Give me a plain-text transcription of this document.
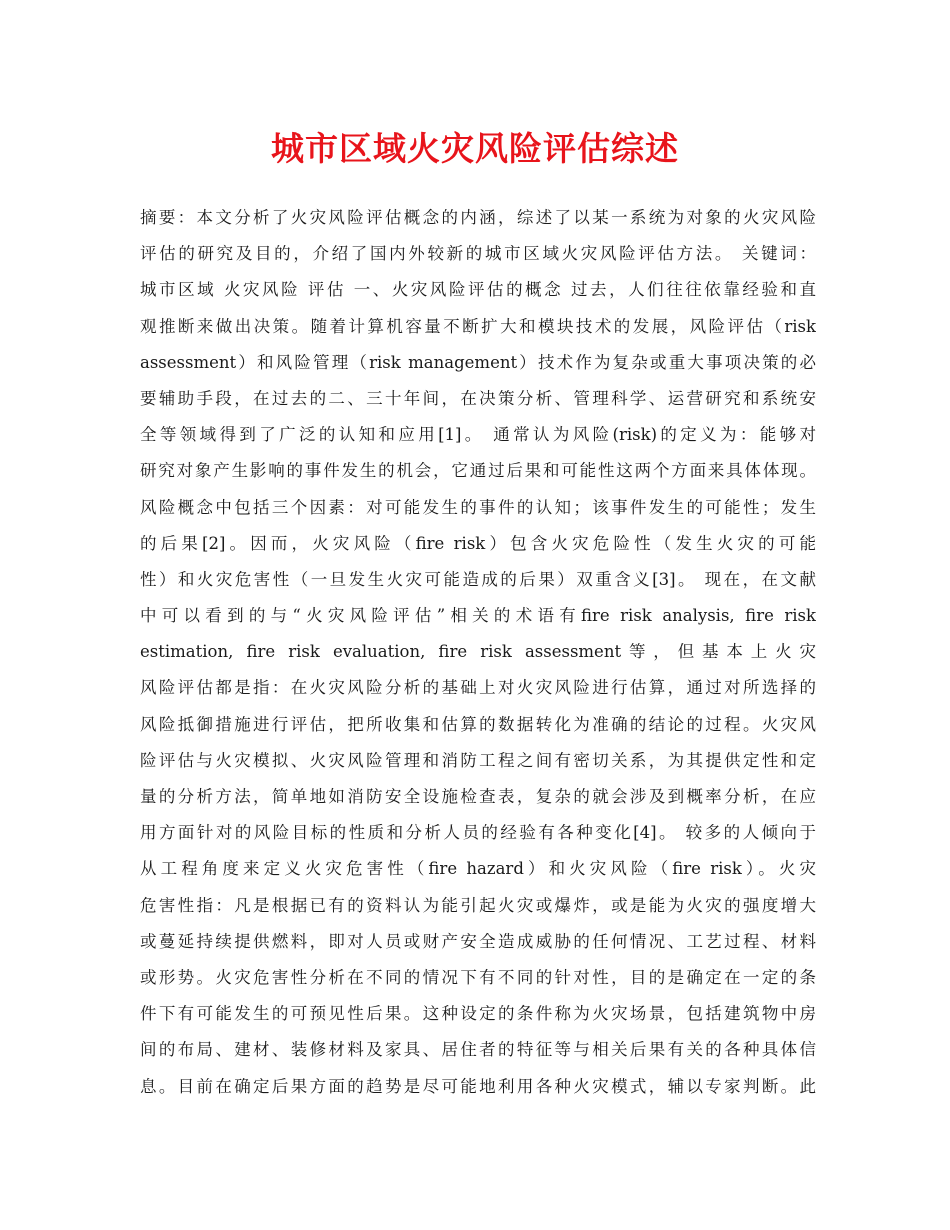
城市区域火灾风险评估综述
摘要：本文分析了火灾风险评估概念的内涵，综述了以某一系统为对象的火灾风险
评估的研究及目的，介绍了国内外较新的城市区域火灾风险评估方法。 关键词：
城市区域 火灾风险 评估 一、火灾风险评估的概念 过去，人们往往依靠经验和直
观推断来做出决策。随着计算机容量不断扩大和模块技术的发展，风险评估（risk
assessment）和风险管理（risk management）技术作为复杂或重大事项决策的必
要辅助手段，在过去的二、三十年间，在决策分析、管理科学、运营研究和系统安
全等领域得到了广泛的认知和应用[1]。 通常认为风险(risk)的定义为：能够对
研究对象产生影响的事件发生的机会，它通过后果和可能性这两个方面来具体体现。
风险概念中包括三个因素：对可能发生的事件的认知；该事件发生的可能性；发生
的后果[2]。因而，火灾风险（fire risk）包含火灾危险性（发生火灾的可能
性）和火灾危害性（一旦发生火灾可能造成的后果）双重含义[3]。 现在，在文献
中可以看到的与“火灾风险评估”相关的术语有fire risk analysis, fire risk
estimation, fire risk evaluation, fire risk assessment等，但基本上火灾
风险评估都是指：在火灾风险分析的基础上对火灾风险进行估算，通过对所选择的
风险抵御措施进行评估，把所收集和估算的数据转化为准确的结论的过程。火灾风
险评估与火灾模拟、火灾风险管理和消防工程之间有密切关系，为其提供定性和定
量的分析方法，简单地如消防安全设施检查表，复杂的就会涉及到概率分析，在应
用方面针对的风险目标的性质和分析人员的经验有各种变化[4]。 较多的人倾向于
从工程角度来定义火灾危害性（fire hazard）和火灾风险（fire risk）。火灾
危害性指：凡是根据已有的资料认为能引起火灾或爆炸，或是能为火灾的强度增大
或蔓延持续提供燃料，即对人员或财产安全造成威胁的任何情况、工艺过程、材料
或形势。火灾危害性分析在不同的情况下有不同的针对性，目的是确定在一定的条
件下有可能发生的可预见性后果。这种设定的条件称为火灾场景，包括建筑物中房
间的布局、建材、装修材料及家具、居住者的特征等与相关后果有关的各种具体信
息。目前在确定后果方面的趋势是尽可能地利用各种火灾模式，辅以专家判断。此
